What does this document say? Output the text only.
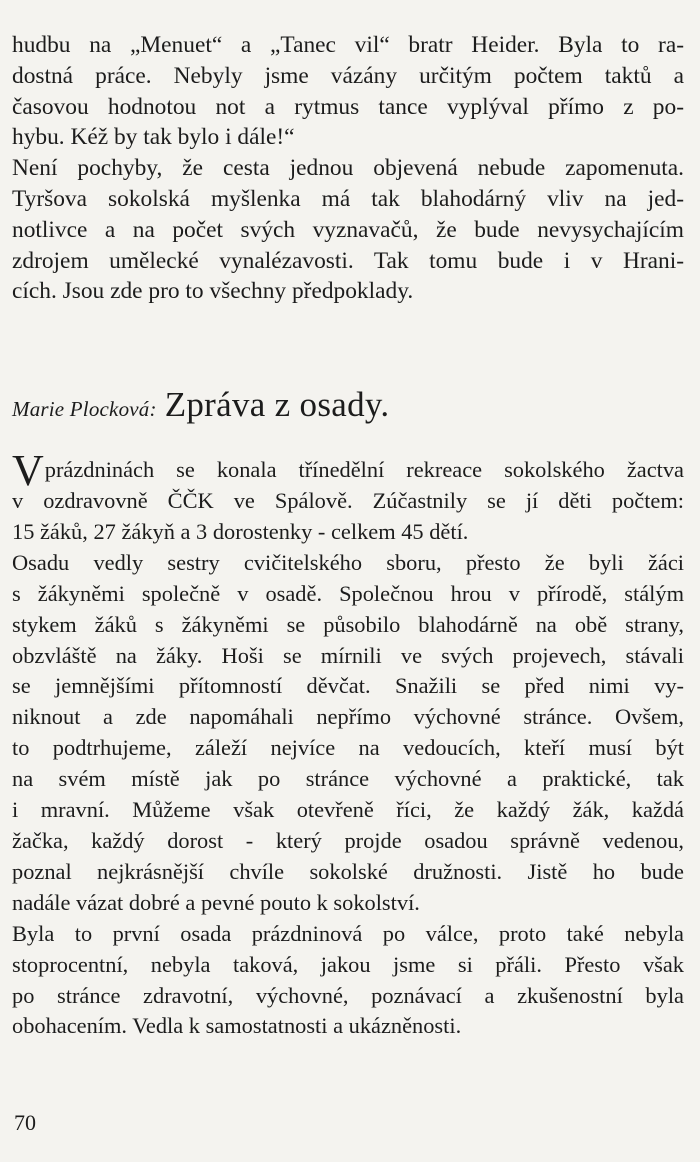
hudbu na „Menuet“ a „Tanec vil“ bratr Heider. Byla to ra-
dostná práce. Nebyly jsme vázány určitým počtem taktů a
časovou hodnotou not a rytmus tance vyplýval přímo z po-
hybu. Kéž by tak bylo i dále!“
Není pochyby, že cesta jednou objevená nebude zapomenuta.
Tyršova sokolská myšlenka má tak blahodárný vliv na jed-
notlivce a na počet svých vyznavačů, že bude nevysychajícím
zdrojem umělecké vynalézavosti. Tak tomu bude i v Hrani-
cích. Jsou zde pro to všechny předpoklady.

Marie Plocková: Zpráva z osady.

Vprázdninách se konala třínedělní rekreace sokolského žactva
v ozdravovně ČČK ve Spálově. Zúčastnily se jí děti počtem:
15 žáků, 27 žákyň a 3 dorostenky - celkem 45 dětí.
Osadu vedly sestry cvičitelského sboru, přesto že byli žáci
s žákyněmi společně v osadě. Společnou hrou v přírodě, stálým
stykem žáků s žákyněmi se působilo blahodárně na obě strany,
obzvláště na žáky. Hoši se mírnili ve svých projevech, stávali
se jemnějšími přítomností děvčat. Snažili se před nimi vy-
niknout a zde napomáhali nepřímo výchovné stránce. Ovšem,
to podtrhujeme, záleží nejvíce na vedoucích, kteří musí být
na svém místě jak po stránce výchovné a praktické, tak
i mravní. Můžeme však otevřeně říci, že každý žák, každá
žačka, každý dorost - který projde osadou správně vedenou,
poznal nejkrásnější chvíle sokolské družnosti. Jistě ho bude
nadále vázat dobré a pevné pouto k sokolství.
Byla to první osada prázdninová po válce, proto také nebyla
stoprocentní, nebyla taková, jakou jsme si přáli. Přesto však
po stránce zdravotní, výchovné, poznávací a zkušenostní byla
obohacením. Vedla k samostatnosti a ukázněnosti.

70
